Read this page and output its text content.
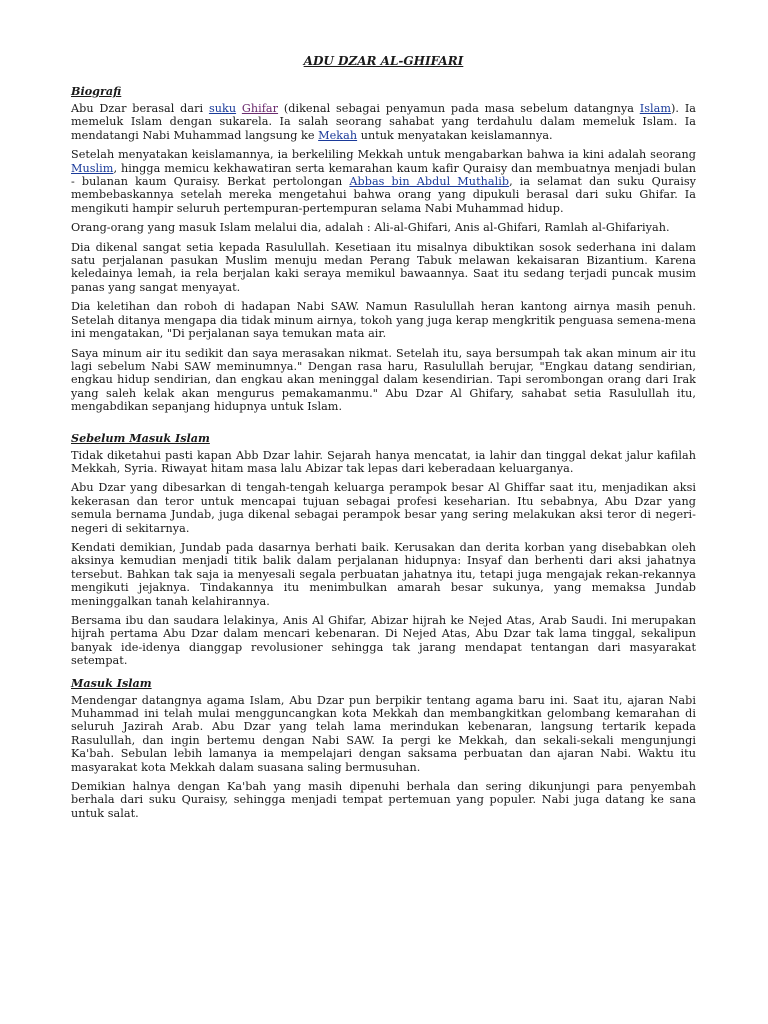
ADU DZAR AL-GHIFARI
Biografi

Abu Dzar berasal dari suku Ghifar (dikenal sebagai penyamun pada masa sebelum datangnya Islam). Ia memeluk Islam dengan sukarela. Ia salah seorang sahabat yang terdahulu dalam memeluk Islam. Ia mendatangi Nabi Muhammad langsung ke Mekah untuk menyatakan keislamannya.

Setelah menyatakan keislamannya, ia berkeliling Mekkah untuk mengabarkan bahwa ia kini adalah seorang Muslim, hingga memicu kekhawatiran serta kemarahan kaum kafir Quraisy dan membuatnya menjadi bulan - bulanan kaum Quraisy. Berkat pertolongan Abbas bin Abdul Muthalib, ia selamat dan suku Quraisy membebaskannya setelah mereka mengetahui bahwa orang yang dipukuli berasal dari suku Ghifar. Ia mengikuti hampir seluruh pertempuran-pertempuran selama Nabi Muhammad hidup.

Orang-orang yang masuk Islam melalui dia, adalah : Ali-al-Ghifari, Anis al-Ghifari, Ramlah al-Ghifariyah.

Dia dikenal sangat setia kepada Rasulullah. Kesetiaan itu misalnya dibuktikan sosok sederhana ini dalam satu perjalanan pasukan Muslim menuju medan Perang Tabuk melawan kekaisaran Bizantium. Karena keledainya lemah, ia rela berjalan kaki seraya memikul bawaannya. Saat itu sedang terjadi puncak musim panas yang sangat menyayat.

Dia keletihan dan roboh di hadapan Nabi SAW. Namun Rasulullah heran kantong airnya masih penuh. Setelah ditanya mengapa dia tidak minum airnya, tokoh yang juga kerap mengkritik penguasa semena-mena ini mengatakan, "Di perjalanan saya temukan mata air.

Saya minum air itu sedikit dan saya merasakan nikmat. Setelah itu, saya bersumpah tak akan minum air itu lagi sebelum Nabi SAW meminumnya." Dengan rasa haru, Rasulullah berujar, "Engkau datang sendirian, engkau hidup sendirian, dan engkau akan meninggal dalam kesendirian. Tapi serombongan orang dari Irak yang saleh kelak akan mengurus pemakamanmu." Abu Dzar Al Ghifary, sahabat setia Rasulullah itu, mengabdikan sepanjang hidupnya untuk Islam.

Sebelum Masuk Islam

Tidak diketahui pasti kapan Abb Dzar lahir. Sejarah hanya mencatat, ia lahir dan tinggal dekat jalur kafilah Mekkah, Syria. Riwayat hitam masa lalu Abizar tak lepas dari keberadaan keluarganya.

Abu Dzar yang dibesarkan di tengah-tengah keluarga perampok besar Al Ghiffar saat itu, menjadikan aksi kekerasan dan teror untuk mencapai tujuan sebagai profesi keseharian. Itu sebabnya, Abu Dzar yang semula bernama Jundab, juga dikenal sebagai perampok besar yang sering melakukan aksi teror di negeri-negeri di sekitarnya.

Kendati demikian, Jundab pada dasarnya berhati baik. Kerusakan dan derita korban yang disebabkan oleh aksinya kemudian menjadi titik balik dalam perjalanan hidupnya: Insyaf dan berhenti dari aksi jahatnya tersebut. Bahkan tak saja ia menyesali segala perbuatan jahatnya itu, tetapi juga mengajak rekan-rekannya mengikuti jejaknya. Tindakannya itu menimbulkan amarah besar sukunya, yang memaksa Jundab meninggalkan tanah kelahirannya.

Bersama ibu dan saudara lelakinya, Anis Al Ghifar, Abizar hijrah ke Nejed Atas, Arab Saudi. Ini merupakan hijrah pertama Abu Dzar dalam mencari kebenaran. Di Nejed Atas, Abu Dzar tak lama tinggal, sekalipun banyak ide-idenya dianggap revolusioner sehingga tak jarang mendapat tentangan dari masyarakat setempat.

Masuk Islam

Mendengar datangnya agama Islam, Abu Dzar pun berpikir tentang agama baru ini. Saat itu, ajaran Nabi Muhammad ini telah mulai mengguncangkan kota Mekkah dan membangkitkan gelombang kemarahan di seluruh Jazirah Arab. Abu Dzar yang telah lama merindukan kebenaran, langsung tertarik kepada Rasulullah, dan ingin bertemu dengan Nabi SAW. Ia pergi ke Mekkah, dan sekali-sekali mengunjungi Ka'bah. Sebulan lebih lamanya ia mempelajari dengan saksama perbuatan dan ajaran Nabi. Waktu itu masyarakat kota Mekkah dalam suasana saling bermusuhan.

Demikian halnya dengan Ka'bah yang masih dipenuhi berhala dan sering dikunjungi para penyembah berhala dari suku Quraisy, sehingga menjadi tempat pertemuan yang populer. Nabi juga datang ke sana untuk salat.
